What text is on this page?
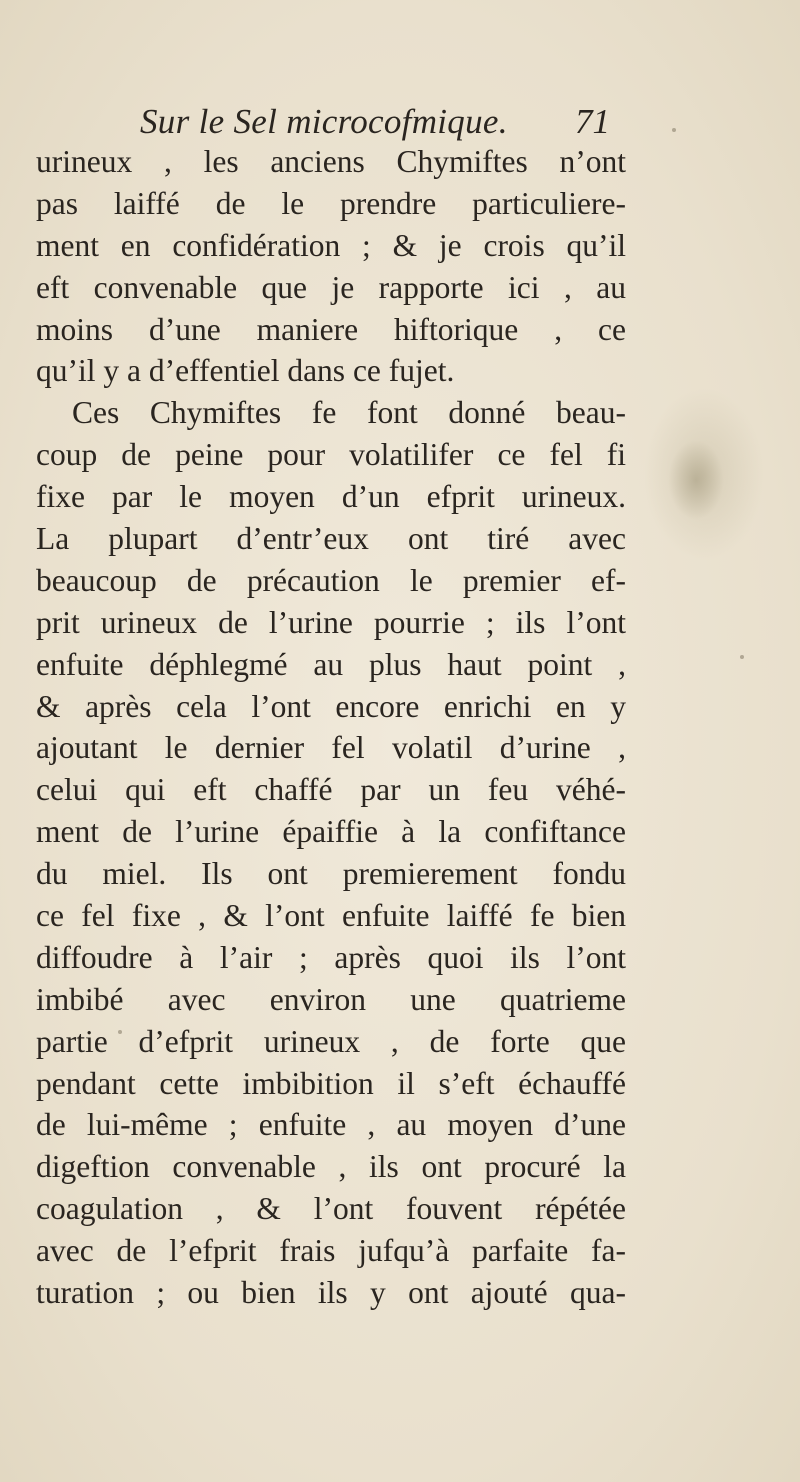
Sur le Sel microcofmique. 71
urineux , les anciens Chymiftes n’ont
pas laiffé de le prendre particuliere-
ment en confidération ; & je crois qu’il
eft convenable que je rapporte ici , au
moins d’une maniere hiftorique , ce
qu’il y a d’effentiel dans ce fujet.
Ces Chymiftes fe font donné beau-
coup de peine pour volatilifer ce fel fi
fixe par le moyen d’un efprit urineux.
La plupart d’entr’eux ont tiré avec
beaucoup de précaution le premier ef-
prit urineux de l’urine pourrie ; ils l’ont
enfuite déphlegmé au plus haut point ,
& après cela l’ont encore enrichi en y
ajoutant le dernier fel volatil d’urine ,
celui qui eft chaffé par un feu véhé-
ment de l’urine épaiffie à la confiftance
du miel. Ils ont premierement fondu
ce fel fixe , & l’ont enfuite laiffé fe bien
diffoudre à l’air ; après quoi ils l’ont
imbibé avec environ une quatrieme
partie d’efprit urineux , de forte que
pendant cette imbibition il s’eft échauffé
de lui-même ; enfuite , au moyen d’une
digeftion convenable , ils ont procuré la
coagulation , & l’ont fouvent répétée
avec de l’efprit frais jufqu’à parfaite fa-
turation ; ou bien ils y ont ajouté qua-
